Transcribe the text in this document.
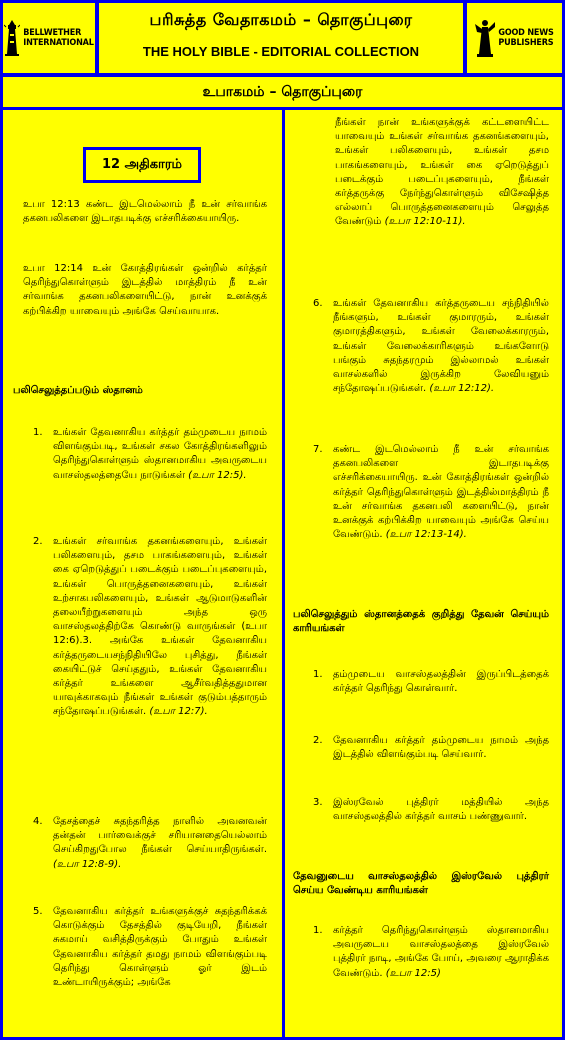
BELLWETHER
INTERNATIONAL
பரிசுத்த வேதாகமம் – தொகுப்புரை
THE HOLY BIBLE - EDITORIAL COLLECTION
GOOD NEWS
PUBLISHERS
உபாகமம் – தொகுப்புரை
12 அதிகாரம்

உபா 12:13 கண்ட இடமெல்லாம் நீ உன் சர்வாங்க தகனபலிகளை இடாதபடிக்கு எச்சரிக்கையாயிரு.

உபா 12:14 உன் கோத்திரங்கள் ஒன்றில் கர்த்தர் தெரிந்துகொள்ளும் இடத்தில் மாத்திரம் நீ உன் சர்வாங்க தகனபலிகளையிட்டு, நான் உனக்குக் கற்பிக்கிற யாவையும் அங்கே செய்வாயாக.

பலிசெலுத்தப்படும் ஸ்தானம்

1. உங்கள் தேவனாகிய கர்த்தர் தம்முடைய நாமம் விளங்கும்படி, உங்கள் சகல கோத்திரங்களிலும் தெரிந்துகொள்ளும் ஸ்தானமாகிய அவருடைய வாசஸ்தலத்தையே நாடுங்கள் (உபா 12:5).
2. உங்கள் சர்வாங்க தகனங்களையும், உங்கள் பலிகளையும், தசம பாகங்களையும், உங்கள் கை ஏறெடுத்துப் படைக்கும் படைப்புகளையும், உங்கள் பொருத்தனைகளையும், உங்கள் உற்சாகபலிகளையும், உங்கள் ஆடுமாடுகளின் தலையீற்றுகளையும் அந்த ஒரு வாசஸ்தலத்திற்கே கொண்டு வாருங்கள் (உபா 12:6).3. அங்கே உங்கள் தேவனாகிய கர்த்தருடையசந்நிதியிலே புசித்து, நீங்கள் கையிட்டுச் செய்ததும், உங்கள் தேவனாகிய கர்த்தர் உங்களை ஆசீர்வதித்ததுமான யாவுக்காகவும் நீங்கள் உங்கள் குடும்பத்தாரும் சந்தோஷப்படுங்கள். (உபா 12:7).
4. தேசத்தைச் சுதந்தரித்த நாளில் அவனவன் தன்தன் பார்வைக்குச் சரியானதையெல்லாம் செய்கிறதுபோல நீங்கள் செய்யாதிருங்கள். (உபா 12:8-9).
5. தேவனாகிய கர்த்தர் உங்களுக்குச் சுதந்தரிக்கக் கொடுக்கும் தேசத்தில் குடியேறி, நீங்கள் சுகமாய் வசித்திருக்கும் போதும் உங்கள் தேவனாகிய கர்த்தர் தமது நாமம் விளங்கும்படி தெரிந்து கொள்ளும் ஓர் இடம் உண்டாயிருக்கும்; அங்கே

நீங்கள் நான் உங்களுக்குக் கட்டளையிட்ட யாவையும் உங்கள் சர்வாங்க தகனங்களையும், உங்கள் பலிகளையும், உங்கள் தசம பாகங்களையும், உங்கள் கை ஏறெடுத்துப் படைக்கும் படைப்புகளையும், நீங்கள் கர்த்தருக்கு நேர்ந்துகொள்ளும் விசேஷித்த எல்லாப் பொருத்தனைகளையும் செலுத்த வேண்டும் (உபா 12:10-11).

6. உங்கள் தேவனாகிய கர்த்தருடைய சந்நிதியில் நீங்களும், உங்கள் குமாரரும், உங்கள் குமாரத்திகளும், உங்கள் வேலைக்காரரும், உங்கள் வேலைக்காரிகளும் உங்களோடு பங்கும் சுதந்தரமும் இல்லாமல் உங்கள் வாசல்களில் இருக்கிற லேவியனும் சந்தோஷப்படுங்கள். (உபா 12:12).
7. கண்ட இடமெல்லாம் நீ உன் சர்வாங்க தகனபலிகளை இடாதபடிக்கு எச்சரிக்கையாயிரு. உன் கோத்திரங்கள் ஒன்றில் கர்த்தர் தெரிந்துகொள்ளும் இடத்தில்மாத்திரம் நீ உன் சர்வாங்க தகனபலி களையிட்டு, நான் உனக்குக் கற்பிக்கிற யாவையும் அங்கே செய்ய வேண்டும். (உபா 12:13-14).

பலிசெலுத்தும் ஸ்தானத்தைக் குறித்து தேவன் செய்யும் காரியங்கள்

1. தம்முடைய வாசஸ்தலத்தின் இருப்பிடத்தைக் கர்த்தர் தெரிந்து கொள்வார்.
2. தேவனாகிய கர்த்தர் தம்முடைய நாமம் அந்த இடத்தில் விளங்கும்படி செய்வார்.
3. இஸ்ரவேல் புத்திரர் மத்தியில் அந்த வாசஸ்தலத்தில் கர்த்தர் வாசம் பண்ணுவார்.

தேவனுடைய வாசஸ்தலத்தில் இஸ்ரவேல் புத்திரர் செய்ய வேண்டிய காரியங்கள்

1. கர்த்தர் தெரிந்துகொள்ளும் ஸ்தானமாகிய அவருடைய வாசஸ்தலத்தை இஸ்ரவேல் புத்திரர் நாடி, அங்கே போய், அவரை ஆராதிக்க வேண்டும். (உபா 12:5)
